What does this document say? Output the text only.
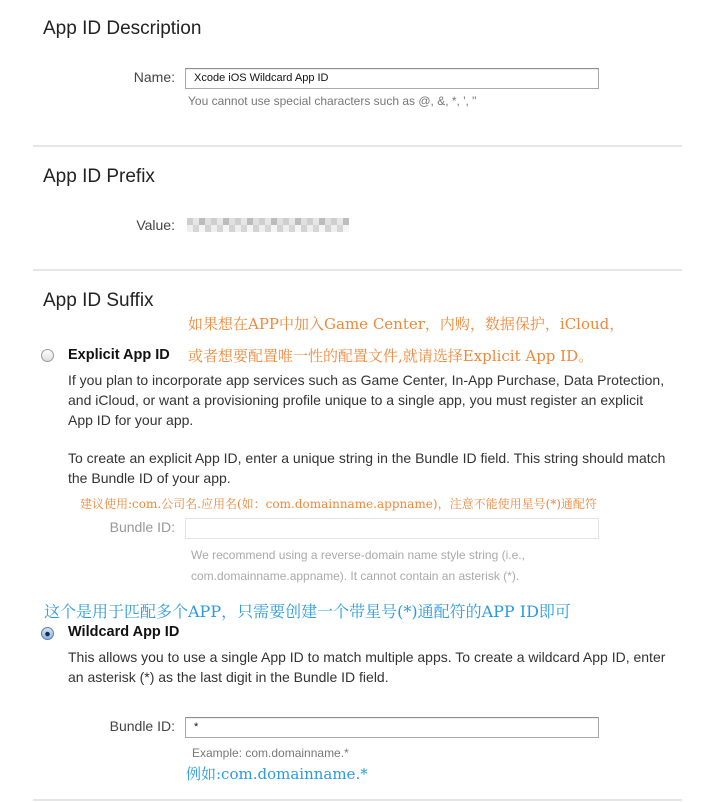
App ID Description
Name:	Xcode iOS Wildcard App ID
You cannot use special characters such as @, &, *, ', "
App ID Prefix
Value:
App ID Suffix
如果想在APP中加入Game Center，内购，数据保护，iCloud，
Explicit App ID 或者想要配置唯一性的配置文件,就请选择Explicit App ID。
If you plan to incorporate app services such as Game Center, In-App Purchase, Data Protection, and iCloud, or want a provisioning profile unique to a single app, you must register an explicit App ID for your app.
To create an explicit App ID, enter a unique string in the Bundle ID field. This string should match the Bundle ID of your app.
建议使用:com.公司名.应用名(如：com.domainname.appname)，注意不能使用星号(*)通配符
Bundle ID:
We recommend using a reverse-domain name style string (i.e.,
com.domainname.appname). It cannot contain an asterisk (*).
这个是用于匹配多个APP，只需要创建一个带星号(*)通配符的APP ID即可
Wildcard App ID
This allows you to use a single App ID to match multiple apps. To create a wildcard App ID, enter an asterisk (*) as the last digit in the Bundle ID field.
Bundle ID:	*
Example: com.domainname.*
例如:com.domainname.*
